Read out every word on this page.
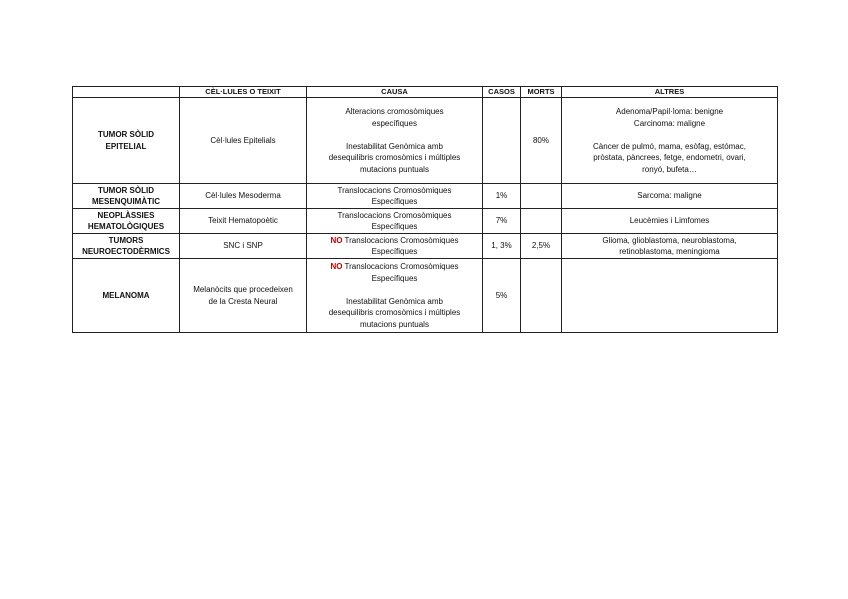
	CÈL·LULES O TEIXIT	CAUSA	CASOS	MORTS	ALTRES

TUMOR SÒLID
EPITELIAL	Cèl·lules Epitelials	Alteracions cromosòmiques
específiques
Inestabilitat Genòmica amb
desequilibris cromosòmics i múltiples
mutacions puntuals		80%	Adenoma/Papil·loma: benigne
Carcinoma: maligne
Càncer de pulmó, mama, esòfag, estómac,
pròstata, pàncrees, fetge, endometri, ovari,
ronyó, bufeta…

TUMOR SÒLID
MESENQUIMÀTIC	Cèl·lules Mesoderma	Translocacions Cromosòmiques
Específiques	1%		Sarcoma: maligne

NEOPLÀSSIES
HEMATOLÒGIQUES	Teixit Hematopoètic	Translocacions Cromosòmiques
Específiques	7%		Leucèmies i Limfomes

TUMORS
NEUROECTODÈRMICS	SNC i SNP	NO Translocacions Cromosòmiques
Específiques	1, 3%	2,5%	Glioma, glioblastoma, neuroblastoma,
retinoblastoma, meningioma

MELANOMA	Melanòcits que procedeixen
de la Cresta Neural	NO Translocacions Cromosòmiques
Específiques
Inestabilitat Genòmica amb
desequilibris cromosòmics i múltiples
mutacions puntuals	5%		
